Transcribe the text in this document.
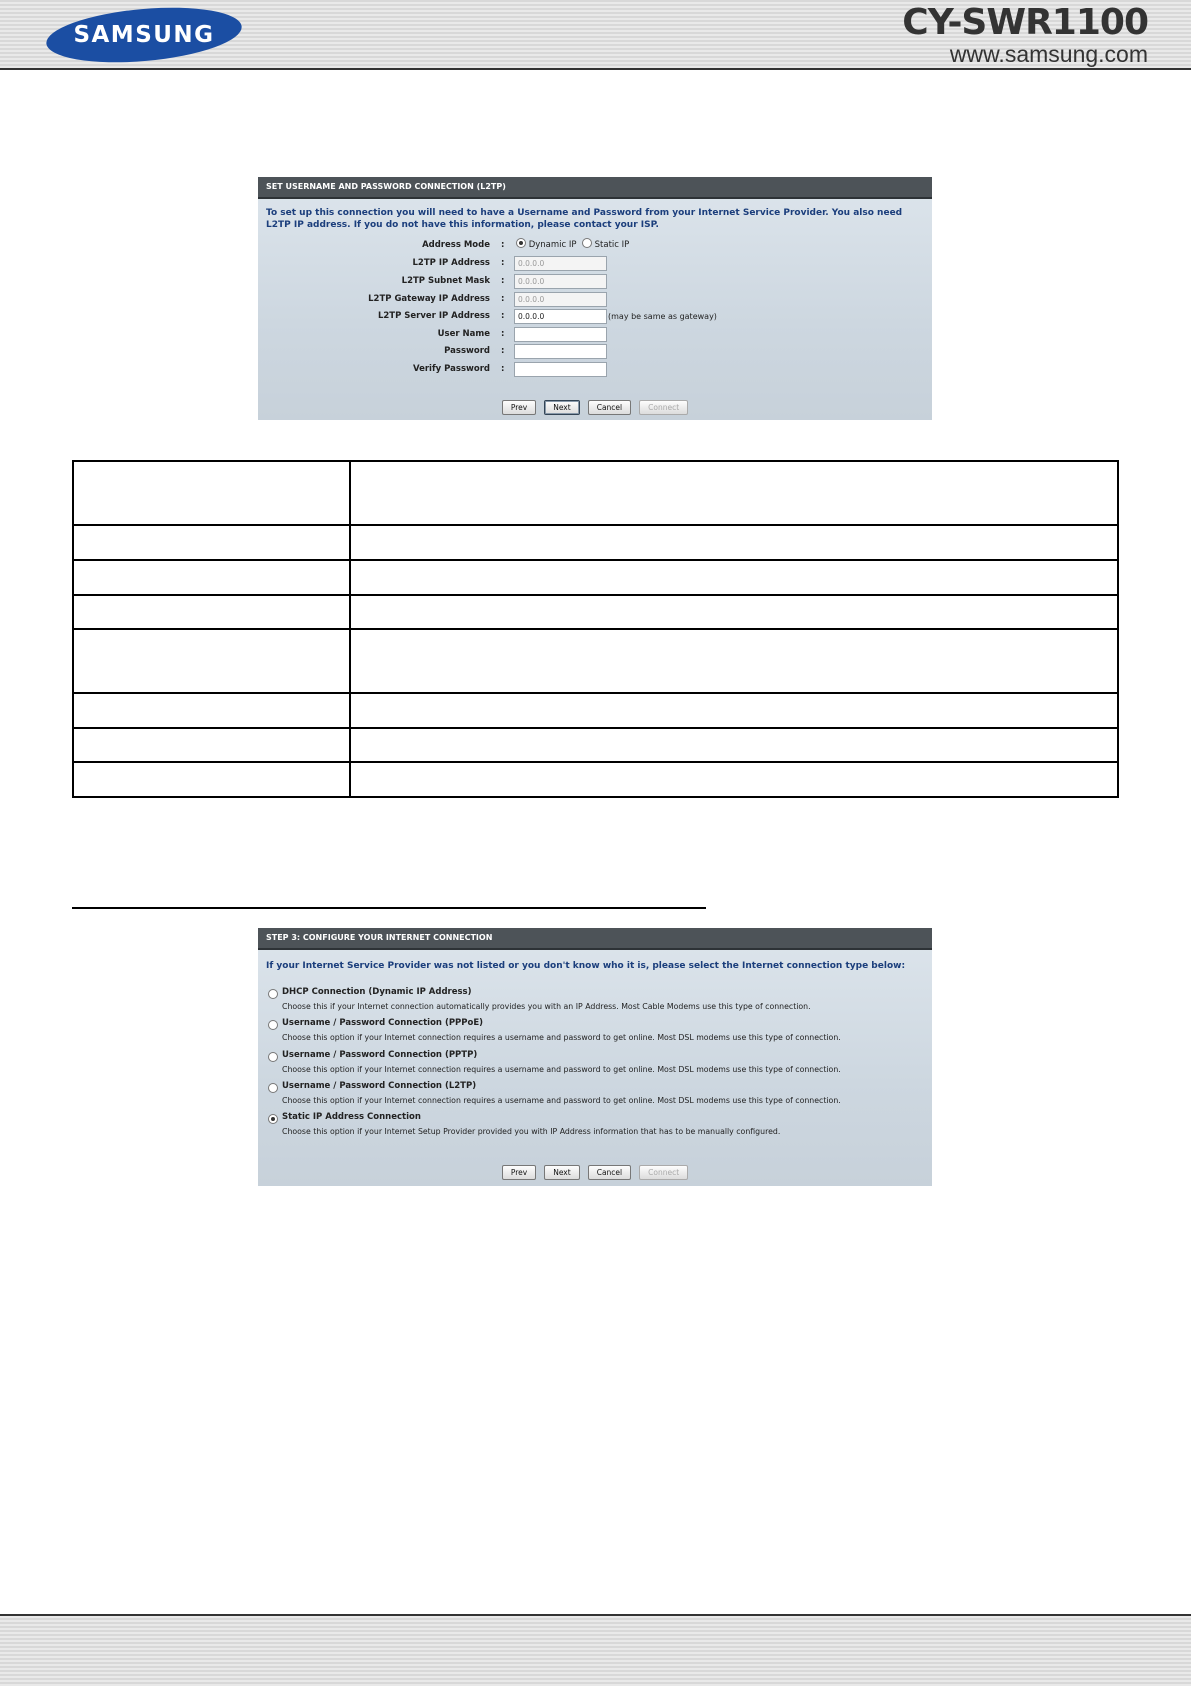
SAMSUNG	CY-SWR1100
www.samsung.com
SET USERNAME AND PASSWORD CONNECTION (L2TP)
To set up this connection you will need to have a Username and Password from your Internet Service Provider. You also need L2TP IP address. If you do not have this information, please contact your ISP.
Address Mode :	Dynamic IP Static IP
L2TP IP Address :	0.0.0.0
L2TP Subnet Mask :	0.0.0.0
L2TP Gateway IP Address :	0.0.0.0
L2TP Server IP Address :	0.0.0.0	(may be same as gateway)
User Name :
Password :
Verify Password :
Prev	Next	Cancel	Connect

STEP 3: CONFIGURE YOUR INTERNET CONNECTION
If your Internet Service Provider was not listed or you don't know who it is, please select the Internet connection type below:
DHCP Connection (Dynamic IP Address)
Choose this if your Internet connection automatically provides you with an IP Address. Most Cable Modems use this type of connection.
Username / Password Connection (PPPoE)
Choose this option if your Internet connection requires a username and password to get online. Most DSL modems use this type of connection.
Username / Password Connection (PPTP)
Choose this option if your Internet connection requires a username and password to get online. Most DSL modems use this type of connection.
Username / Password Connection (L2TP)
Choose this option if your Internet connection requires a username and password to get online. Most DSL modems use this type of connection.
Static IP Address Connection
Choose this option if your Internet Setup Provider provided you with IP Address information that has to be manually configured.
Prev	Next	Cancel	Connect
